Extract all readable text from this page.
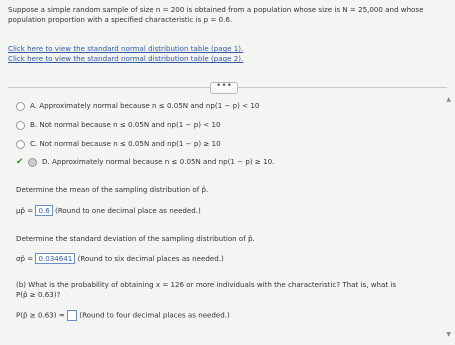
Suppose a simple random sample of size n = 200 is obtained from a population whose size is N = 25,000 and whose
population proportion with a specified characteristic is p = 0.6.
Click here to view the standard normal distribution table (page 1).
Click here to view the standard normal distribution table (page 2).
•••
▲
A. Approximately normal because n ≤ 0.05N and np(1 − p) < 10
B. Not normal because n ≤ 0.05N and np(1 − p) < 10
C. Not normal because n ≤ 0.05N and np(1 − p) ≥ 10
✔	D. Approximately normal because n ≤ 0.05N and np(1 − p) ≥ 10.
Determine the mean of the sampling distribution of p̂.
μp̂ = 0.6 (Round to one decimal place as needed.)
Determine the standard deviation of the sampling distribution of p̂.
σp̂ = 0.034641 (Round to six decimal places as needed.)
(b) What is the probability of obtaining x = 126 or more individuals with the characteristic? That is, what is
P(p̂ ≥ 0.63)?
P(p̂ ≥ 0.63) = (Round to four decimal places as needed.)
▼
